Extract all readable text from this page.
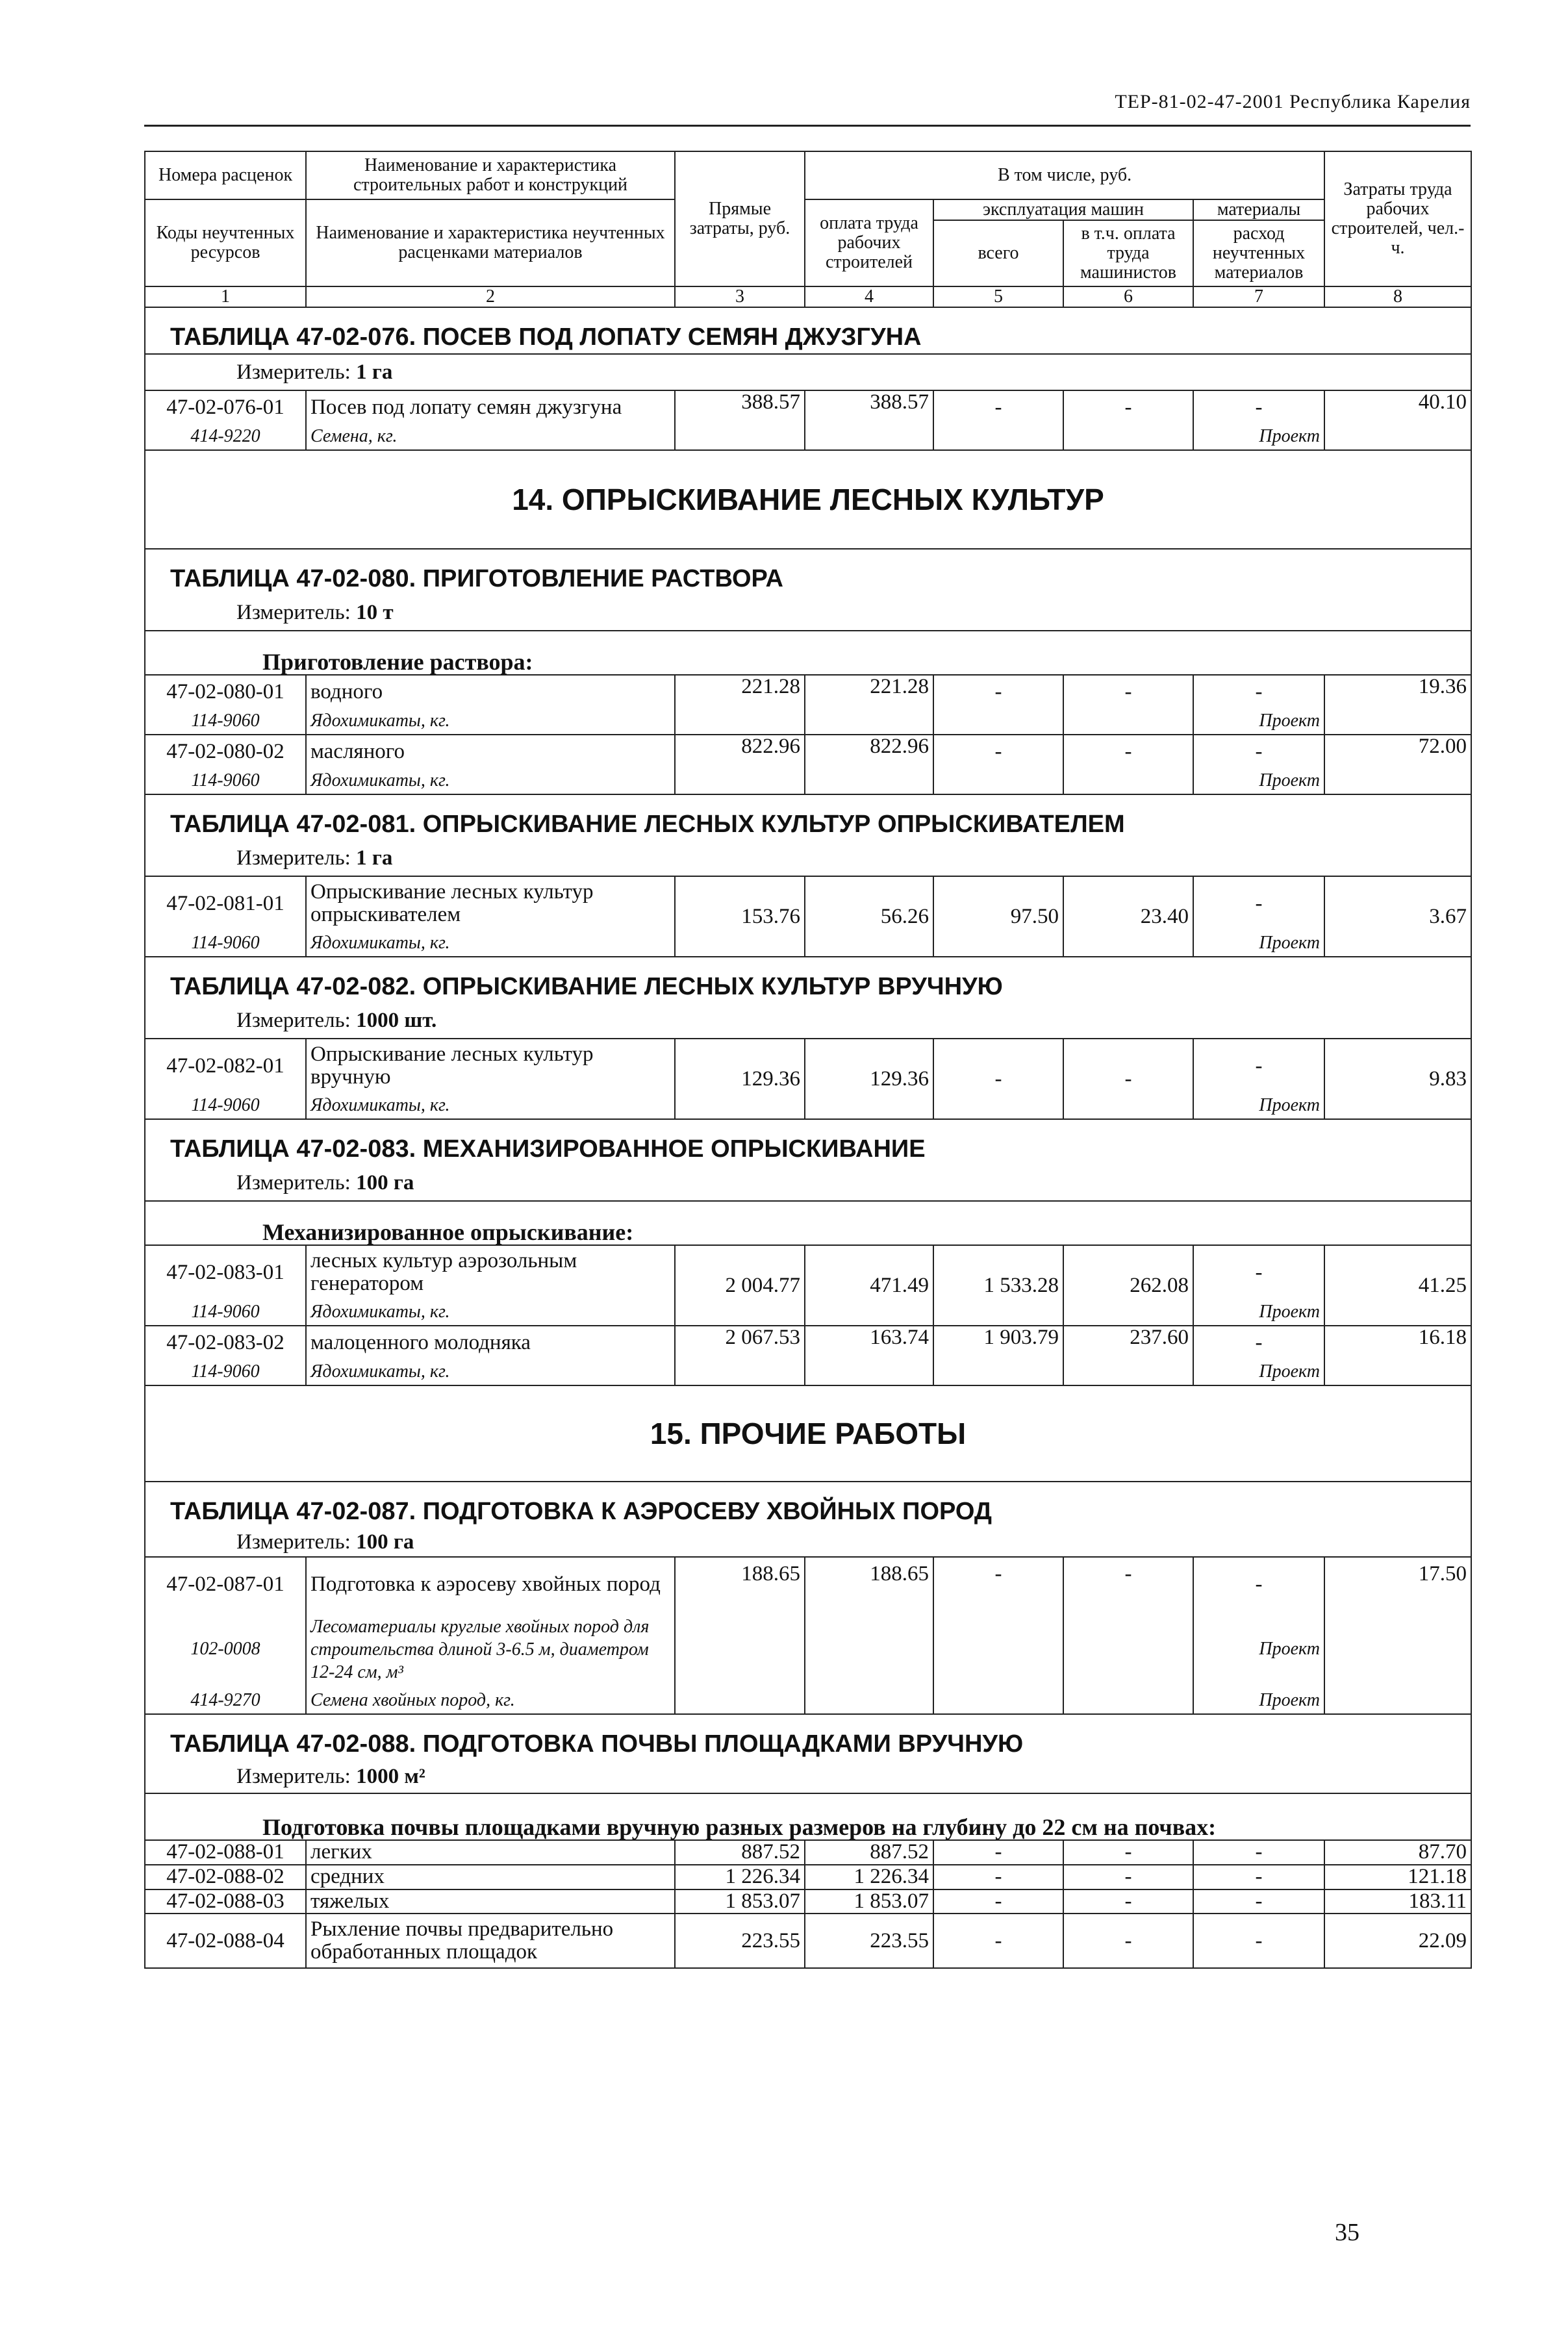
ТЕР-81-02-47-2001 Республика Карелия
Номера расценок	Наименование и характеристика строительных работ и конструкций	Прямые затраты, руб.	В том числе, руб.				Затраты труда рабочих строителей, чел.-ч.
Коды неучтенных ресурсов	Наименование и характеристика неучтенных расценками материалов		оплата труда рабочих строителей	эксплуатация машин		материалы	
				всего	в т.ч. оплата труда машинистов	расход неучтенных материалов	
1	2	3	4	5	6	7	8
ТАБЛИЦА 47-02-076. ПОСЕВ ПОД ЛОПАТУ СЕМЯН ДЖУЗГУНА							
Измеритель: 1 га							
47-02-076-01	Посев под лопату семян джузгуна	388.57	388.57	-	-	-	40.10
414-9220	Семена, кг.					Проект	
14. ОПРЫСКИВАНИЕ ЛЕСНЫХ КУЛЬТУР							
ТАБЛИЦА 47-02-080. ПРИГОТОВЛЕНИЕ РАСТВОРА							
Измеритель: 10 т							
Приготовление раствора:							
47-02-080-01	водного	221.28	221.28	-	-	-	19.36
114-9060	Ядохимикаты, кг.					Проект	
47-02-080-02	масляного	822.96	822.96	-	-	-	72.00
114-9060	Ядохимикаты, кг.					Проект	
ТАБЛИЦА 47-02-081. ОПРЫСКИВАНИЕ ЛЕСНЫХ КУЛЬТУР ОПРЫСКИВАТЕЛЕМ							
Измеритель: 1 га							
47-02-081-01	Опрыскивание лесных культур опрыскивателем	153.76	56.26	97.50	23.40	-	3.67
114-9060	Ядохимикаты, кг.					Проект	
ТАБЛИЦА 47-02-082. ОПРЫСКИВАНИЕ ЛЕСНЫХ КУЛЬТУР ВРУЧНУЮ							
Измеритель: 1000 шт.							
47-02-082-01	Опрыскивание лесных культур вручную	129.36	129.36	-	-	-	9.83
114-9060	Ядохимикаты, кг.					Проект	
ТАБЛИЦА 47-02-083. МЕХАНИЗИРОВАННОЕ ОПРЫСКИВАНИЕ							
Измеритель: 100 га							
Механизированное опрыскивание:							
47-02-083-01	лесных культур аэрозольным генератором	2 004.77	471.49	1 533.28	262.08	-	41.25
114-9060	Ядохимикаты, кг.					Проект	
47-02-083-02	малоценного молодняка	2 067.53	163.74	1 903.79	237.60	-	16.18
114-9060	Ядохимикаты, кг.					Проект	
15. ПРОЧИЕ РАБОТЫ							
ТАБЛИЦА 47-02-087. ПОДГОТОВКА К АЭРОСЕВУ ХВОЙНЫХ ПОРОД							
Измеритель: 100 га							
47-02-087-01	Подготовка к аэросеву хвойных пород	188.65	188.65	-	-	-	17.50
102-0008	Лесоматериалы круглые хвойных пород для строительства длиной 3-6.5 м, диаметром 12-24 см, м³					Проект	
414-9270	Семена хвойных пород, кг.					Проект	
ТАБЛИЦА 47-02-088. ПОДГОТОВКА ПОЧВЫ ПЛОЩАДКАМИ ВРУЧНУЮ							
Измеритель: 1000 м²							
Подготовка почвы площадками вручную разных размеров на глубину до 22 см на почвах:							
47-02-088-01	легких	887.52	887.52	-	-	-	87.70
47-02-088-02	средних	1 226.34	1 226.34	-	-	-	121.18
47-02-088-03	тяжелых	1 853.07	1 853.07	-	-	-	183.11
47-02-088-04	Рыхление почвы предварительно обработанных площадок	223.55	223.55	-	-	-	22.09
35
